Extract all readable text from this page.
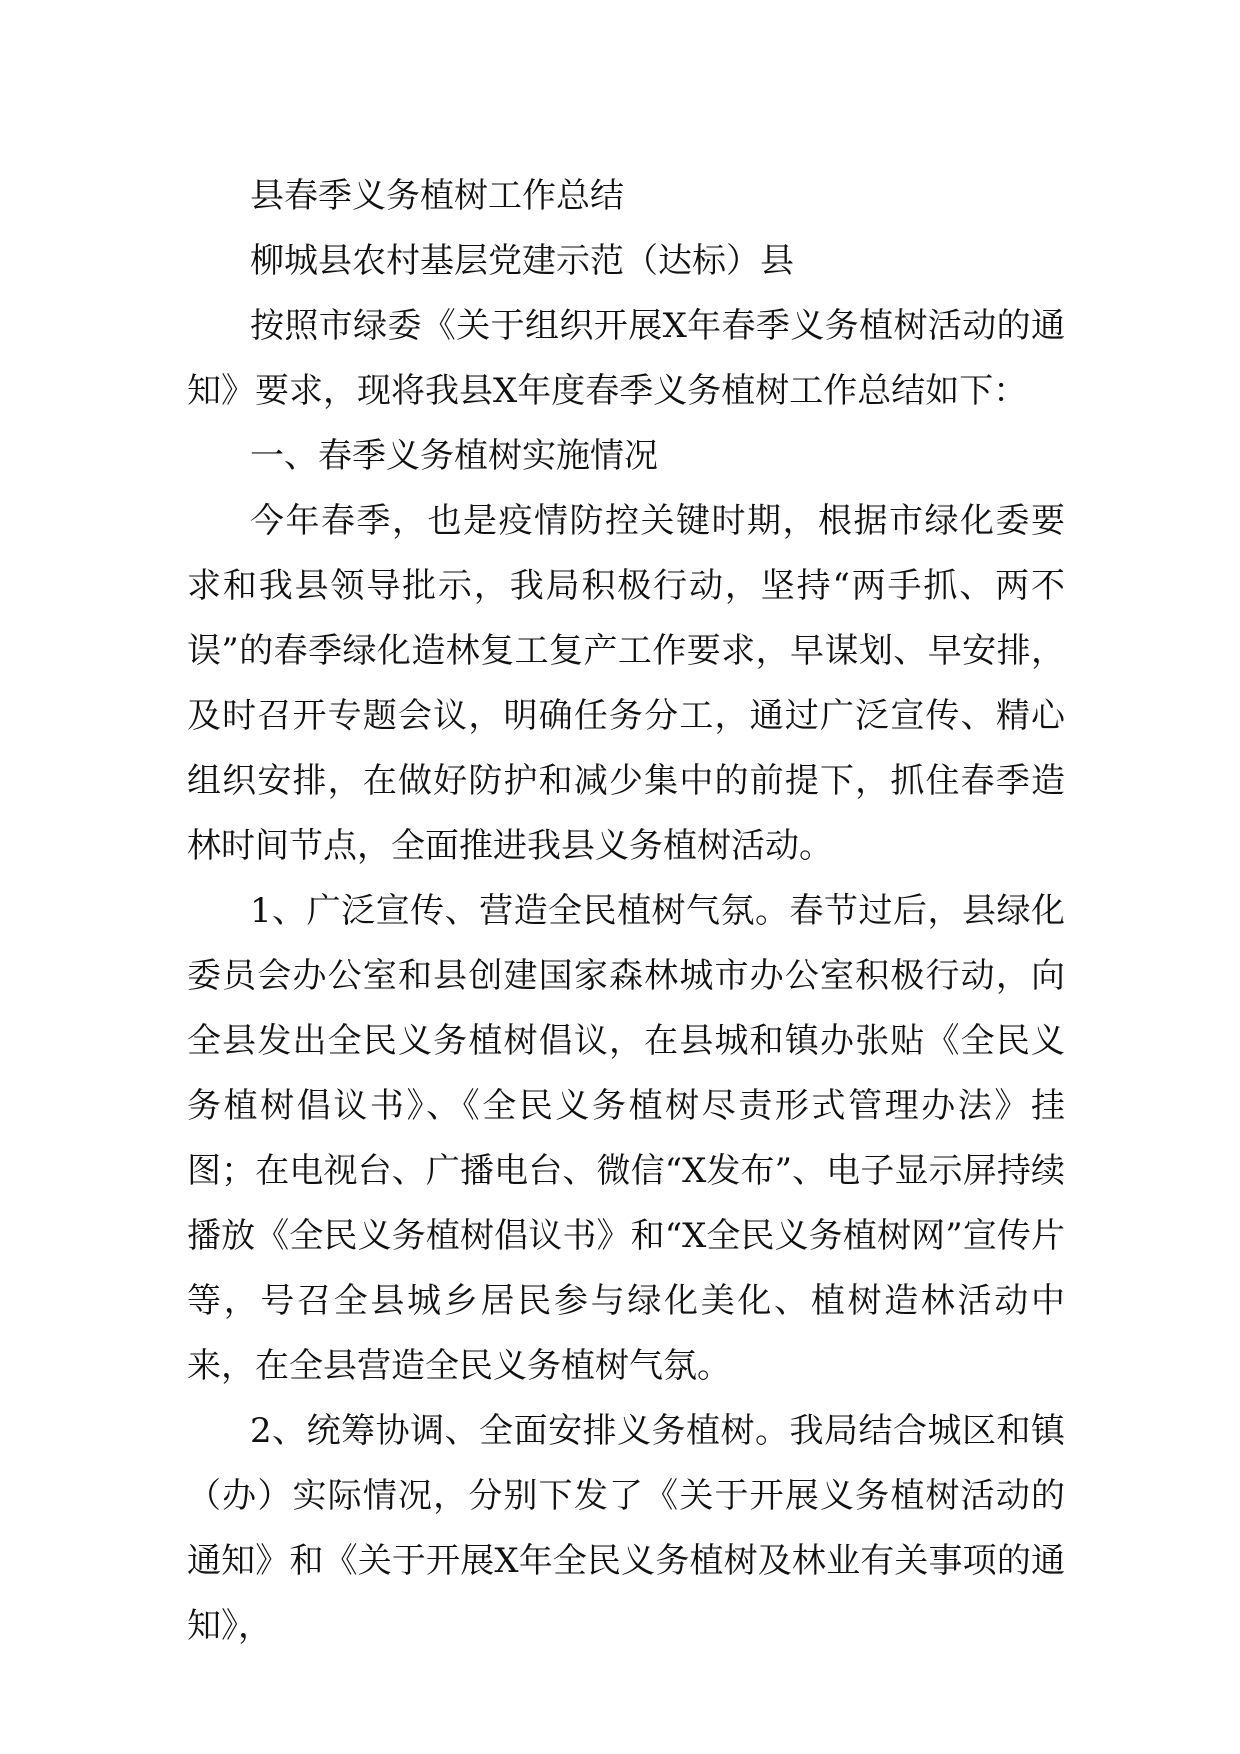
县春季义务植树工作总结

柳城县农村基层党建示范（达标）县

按照市绿委《关于组织开展X年春季义务植树活动的通知》要求，现将我县X年度春季义务植树工作总结如下：

一、春季义务植树实施情况

今年春季，也是疫情防控关键时期，根据市绿化委要求和我县领导批示，我局积极行动，坚持“两手抓、两不误”的春季绿化造林复工复产工作要求，早谋划、早安排，及时召开专题会议，明确任务分工，通过广泛宣传、精心组织安排，在做好防护和减少集中的前提下，抓住春季造林时间节点，全面推进我县义务植树活动。

1、广泛宣传、营造全民植树气氛。春节过后，县绿化委员会办公室和县创建国家森林城市办公室积极行动，向全县发出全民义务植树倡议，在县城和镇办张贴《全民义务植树倡议书》、《全民义务植树尽责形式管理办法》挂图；在电视台、广播电台、微信“X发布”、电子显示屏持续播放《全民义务植树倡议书》和“X全民义务植树网”宣传片等，号召全县城乡居民参与绿化美化、植树造林活动中来，在全县营造全民义务植树气氛。

2、统筹协调、全面安排义务植树。我局结合城区和镇（办）实际情况，分别下发了《关于开展义务植树活动的通知》和《关于开展X年全民义务植树及林业有关事项的通知》，
